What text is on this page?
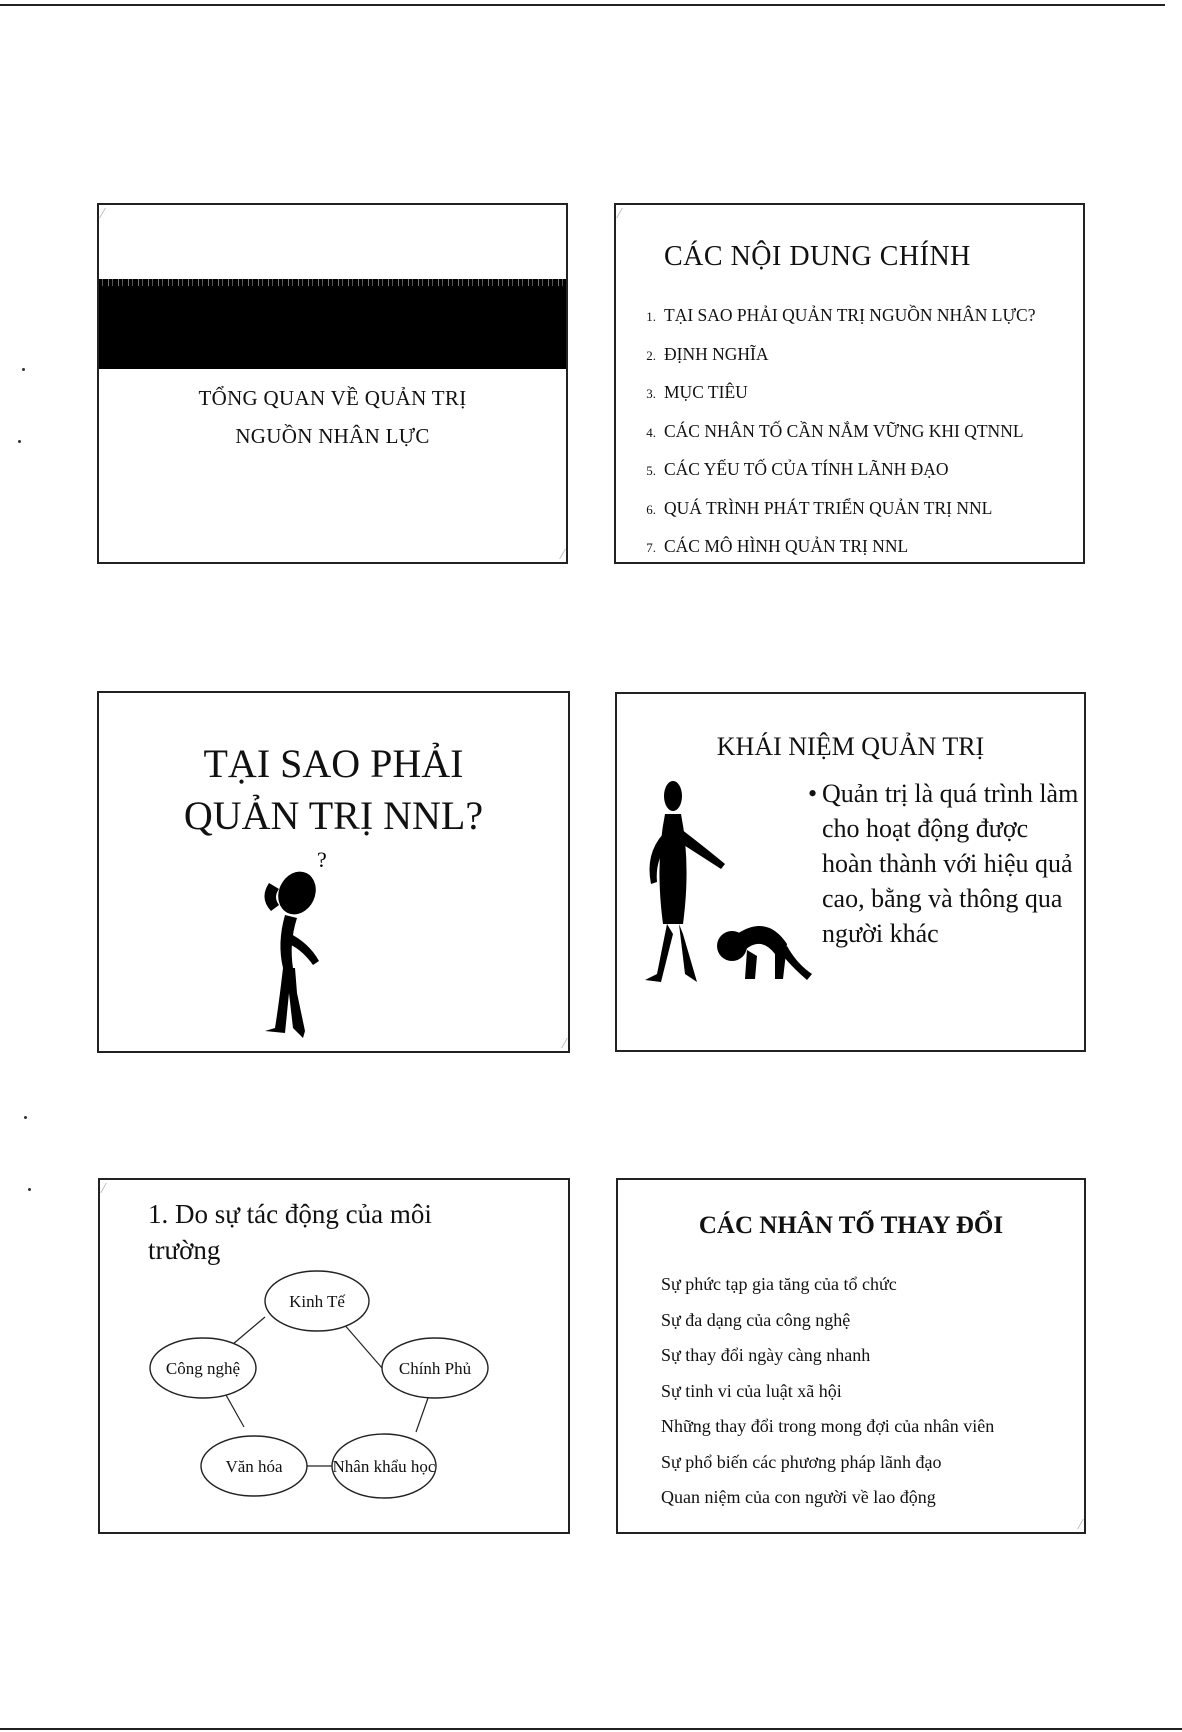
TỔNG QUAN VỀ QUẢN TRỊ
NGUỒN NHÂN LỰC
CÁC NỘI DUNG CHÍNH
1. TẠI SAO PHẢI QUẢN TRỊ NGUỒN NHÂN LỰC?
2. ĐỊNH NGHĨA
3. MỤC TIÊU
4. CÁC NHÂN TỐ CẦN NẮM VỮNG KHI QTNNL
5. CÁC YẾU TỐ CỦA TÍNH LÃNH ĐẠO
6. QUÁ TRÌNH PHÁT TRIỂN QUẢN TRỊ NNL
7. CÁC MÔ HÌNH QUẢN TRỊ NNL
TẠI SAO PHẢI
QUẢN TRỊ NNL?
?
KHÁI NIỆM QUẢN TRỊ
• Quản trị là quá trình làm cho hoạt động được hoàn thành với hiệu quả cao, bằng và thông qua người khác
1. Do sự tác động của môi trường
Kinh Tế
Công nghệ	Chính Phủ
Văn hóa	Nhân khẩu học
CÁC NHÂN TỐ THAY ĐỔI
Sự phức tạp gia tăng của tổ chức
Sự đa dạng của công nghệ
Sự thay đổi ngày càng nhanh
Sự tinh vi của luật xã hội
Những thay đổi trong mong đợi của nhân viên
Sự phổ biến các phương pháp lãnh đạo
Quan niệm của con người về lao động
